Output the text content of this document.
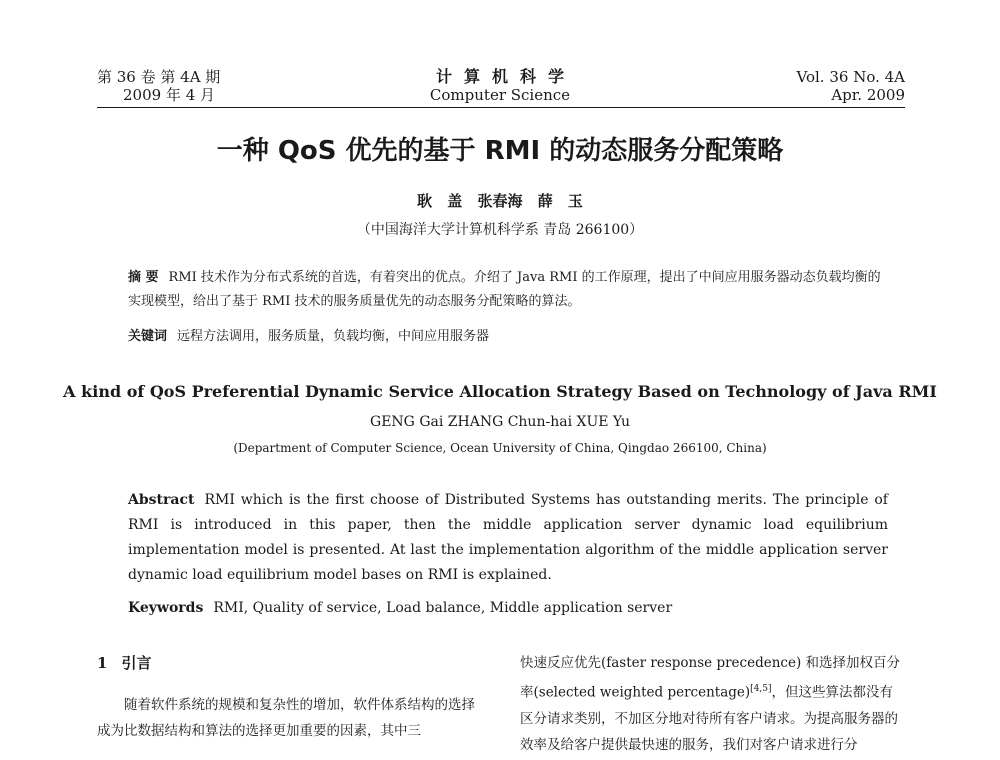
第 36 卷 第 4A 期
2009 年 4 月
计算机科学
Computer Science
Vol. 36 No. 4A
Apr. 2009
一种 QoS 优先的基于 RMI 的动态服务分配策略
耿 盖 张春海 薛 玉
（中国海洋大学计算机科学系 青岛 266100）
摘 要 RMI 技术作为分布式系统的首选，有着突出的优点。介绍了 Java RMI 的工作原理，提出了中间应用服务器动态负载均衡的实现模型，给出了基于 RMI 技术的服务质量优先的动态服务分配策略的算法。
关键词 远程方法调用，服务质量，负载均衡，中间应用服务器
A kind of QoS Preferential Dynamic Service Allocation Strategy Based on Technology of Java RMI
GENG Gai ZHANG Chun-hai XUE Yu
(Department of Computer Science, Ocean University of China, Qingdao 266100, China)
Abstract RMI which is the first choose of Distributed Systems has outstanding merits. The principle of RMI is introduced in this paper, then the middle application server dynamic load equilibrium implementation model is presented. At last the implementation algorithm of the middle application server dynamic load equilibrium model bases on RMI is explained.
Keywords RMI, Quality of service, Load balance, Middle application server
1 引言
随着软件系统的规模和复杂性的增加，软件体系结构的选择成为比数据结构和算法的选择更加重要的因素，其中三
快速反应优先(faster response precedence) 和选择加权百分率(selected weighted percentage)[4,5]，但这些算法都没有区分请求类别，不加区分地对待所有客户请求。为提高服务器的效率及给客户提供最快速的服务，我们对客户请求进行分
